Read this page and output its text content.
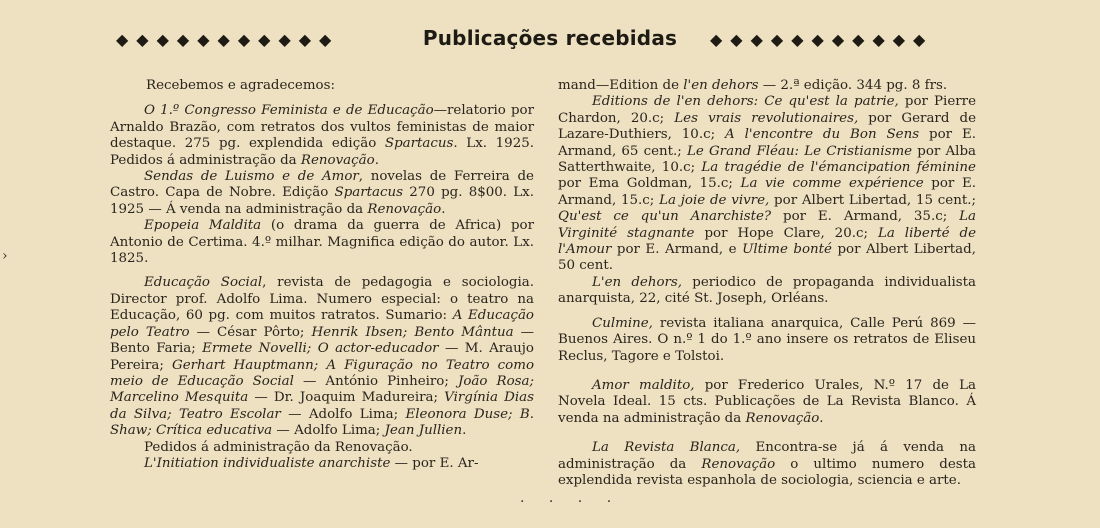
◆◆◆◆◆◆◆◆◆◆◆	Publicações recebidas	◆◆◆◆◆◆◆◆◆◆◆
›

Recebemos e agradecemos:

O 1.º Congresso Feminista e de Educação—relatorio por Arnaldo Brazão, com retratos dos vultos feministas de maior destaque. 275 pg. explendida edição Spartacus. Lx. 1925. Pedidos á administração da Renovação.

Sendas de Luismo e de Amor, novelas de Ferreira de Castro. Capa de Nobre. Edição Spartacus 270 pg. 8$00. Lx. 1925 — Á venda na administração da Renovação.

Epopeia Maldita (o drama da guerra de Africa) por Antonio de Certima. 4.º milhar. Magnifica edição do autor. Lx. 1825.

Educação Social, revista de pedagogia e sociologia. Director prof. Adolfo Lima. Numero especial: o teatro na Educação, 60 pg. com muitos ratratos. Sumario: A Educação pelo Teatro — César Pôrto; Henrik Ibsen; Bento Mântua — Bento Faria; Ermete Novelli; O actor-educador — M. Araujo Pereira; Gerhart Hauptmann; A Figuração no Teatro como meio de Educação Social — António Pinheiro; João Rosa; Marcelino Mesquita — Dr. Joaquim Madureira; Virgínia Dias da Silva; Teatro Escolar — Adolfo Lima; Eleonora Duse; B. Shaw; Crítica educativa — Adolfo Lima; Jean Jullien.

Pedidos á administração da Renovação.

L'Initiation individualiste anarchiste — por E. Ar-

mand—Edition de l'en dehors — 2.ª edição. 344 pg. 8 frs.

Editions de l'en dehors: Ce qu'est la patrie, por Pierre Chardon, 20.c; Les vrais revolutionaires, por Gerard de Lazare-Duthiers, 10.c; A l'encontre du Bon Sens por E. Armand, 65 cent.; Le Grand Fléau: Le Cristianisme por Alba Satterthwaite, 10.c; La tragédie de l'émancipation féminine por Ema Goldman, 15.c; La vie comme expérience por E. Armand, 15.c; La joie de vivre, por Albert Libertad, 15 cent.; Qu'est ce qu'un Anarchiste? por E. Armand, 35.c; La Virginité stagnante por Hope Clare, 20.c; La liberté de l'Amour por E. Armand, e Ultime bonté por Albert Libertad, 50 cent.

L'en dehors, periodico de propaganda individualista anarquista, 22, cité St. Joseph, Orléans.

Culmine, revista italiana anarquica, Calle Perú 869 — Buenos Aires. O n.º 1 do 1.º ano insere os retratos de Eliseu Reclus, Tagore e Tolstoi.

Amor maldito, por Frederico Urales, N.º 17 de La Novela Ideal. 15 cts. Publicações de La Revista Blanco. Á venda na administração da Renovação.

La Revista Blanca, Encontra-se já á venda na administração da Renovação o ultimo numero desta explendida revista espanhola de sociologia, sciencia e arte.

· · · ·
